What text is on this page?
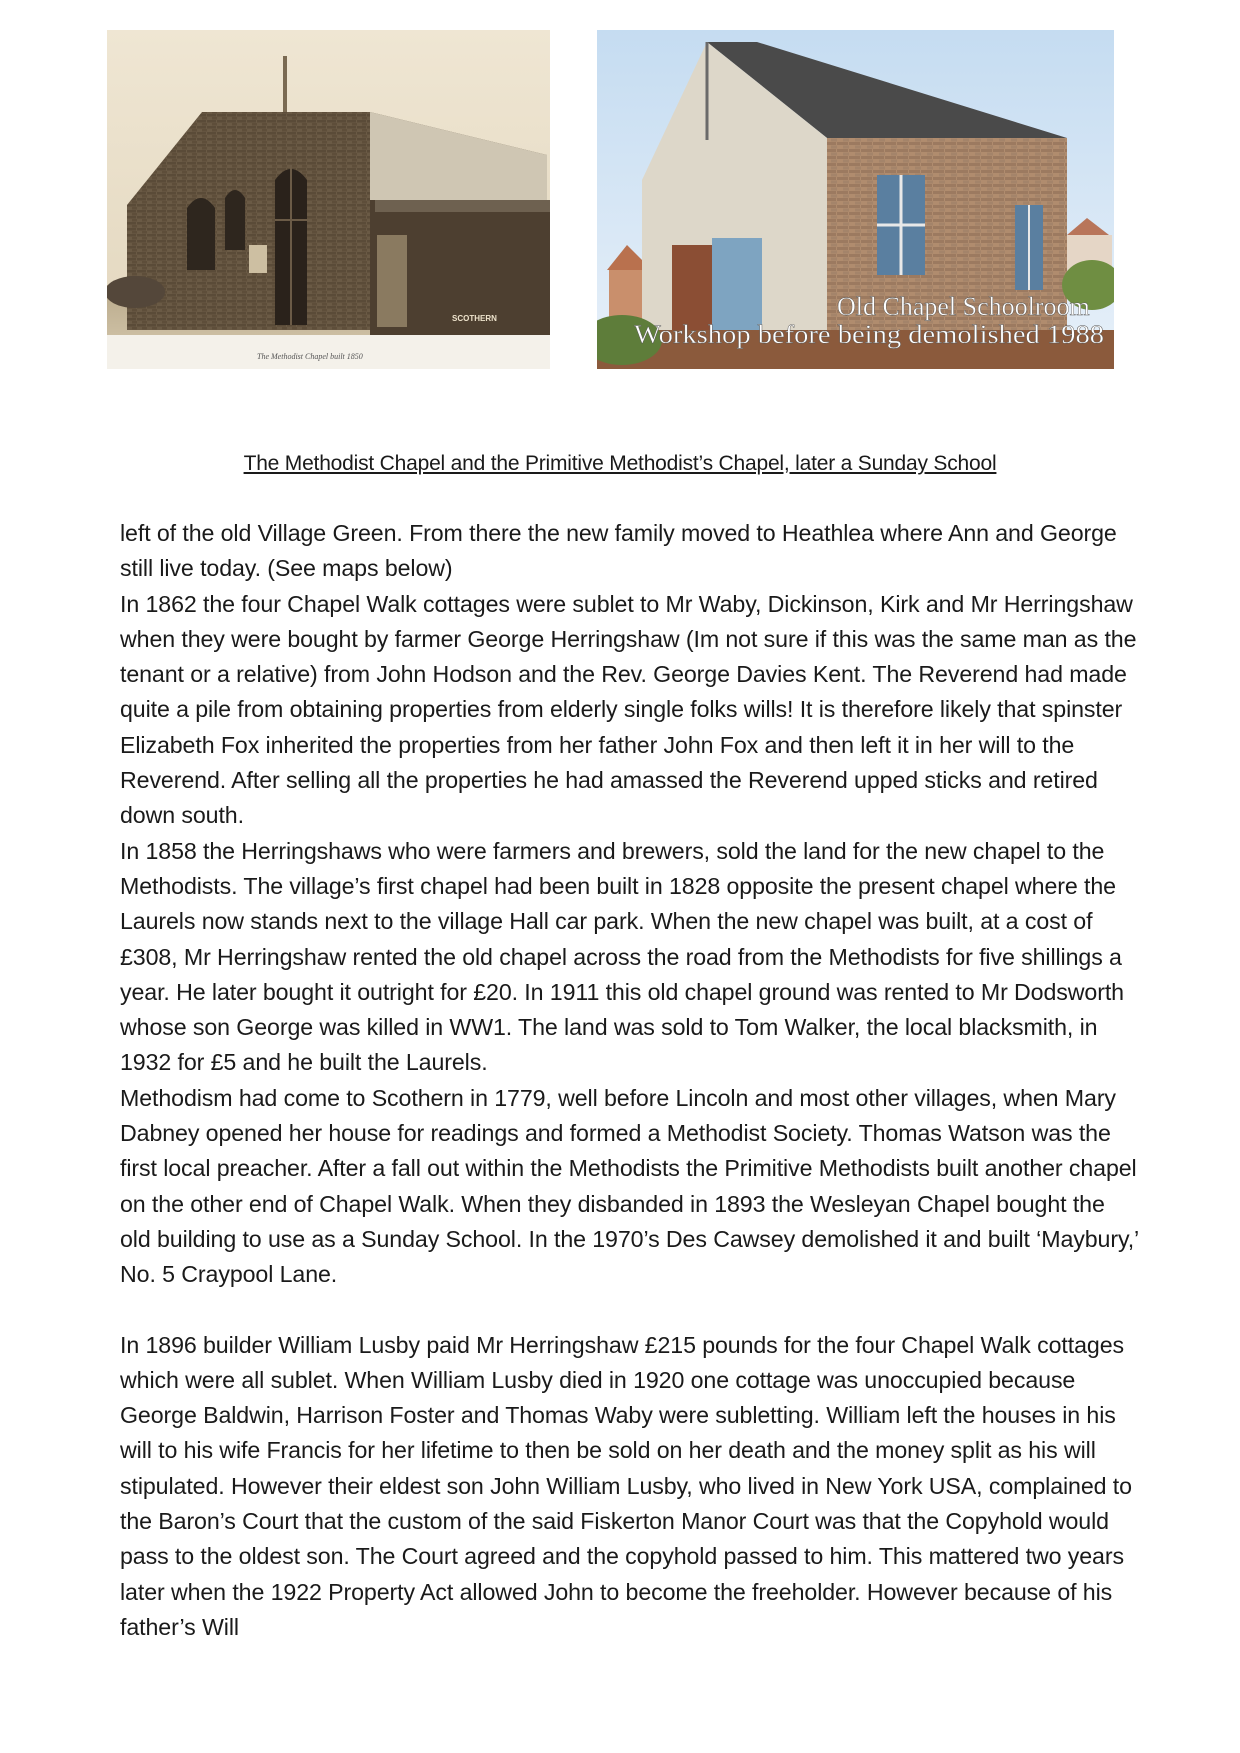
SCOTHERN
The Methodist Chapel built 1850
Old Chapel Schoolroom
Workshop before being demolished 1988
The Methodist Chapel and the Primitive Methodist’s Chapel, later a Sunday School

left of the old Village Green. From there the new family moved to Heathlea where Ann and George still live today. (See maps below)

In 1862 the four Chapel Walk cottages were sublet to Mr Waby, Dickinson, Kirk and Mr Herringshaw when they were bought by farmer George Herringshaw (Im not sure if this was the same man as the tenant or a relative) from John Hodson and the Rev. George Davies Kent. The Reverend had made quite a pile from obtaining properties from elderly single folks wills! It is therefore likely that spinster Elizabeth Fox inherited the properties from her father John Fox and then left it in her will to the Reverend. After selling all the properties he had amassed the Reverend upped sticks and retired down south.

In 1858 the Herringshaws who were farmers and brewers, sold the land for the new chapel to the Methodists. The village’s first chapel had been built in 1828 opposite the present chapel where the Laurels now stands next to the village Hall car park. When the new chapel was built, at a cost of £308, Mr Herringshaw rented the old chapel across the road from the Methodists for five shillings a year. He later bought it outright for £20. In 1911 this old chapel ground was rented to Mr Dodsworth whose son George was killed in WW1. The land was sold to Tom Walker, the local blacksmith, in 1932 for £5 and he built the Laurels.

Methodism had come to Scothern in 1779, well before Lincoln and most other villages, when Mary Dabney opened her house for readings and formed a Methodist Society. Thomas Watson was the first local preacher. After a fall out within the Methodists the Primitive Methodists built another chapel on the other end of Chapel Walk. When they disbanded in 1893 the Wesleyan Chapel bought the old building to use as a Sunday School. In the 1970’s Des Cawsey demolished it and built ‘Maybury,’ No. 5 Craypool Lane.

In 1896 builder William Lusby paid Mr Herringshaw £215 pounds for the four Chapel Walk cottages which were all sublet. When William Lusby died in 1920 one cottage was unoccupied because George Baldwin, Harrison Foster and Thomas Waby were subletting. William left the houses in his will to his wife Francis for her lifetime to then be sold on her death and the money split as his will stipulated. However their eldest son John William Lusby, who lived in New York USA, complained to the Baron’s Court that the custom of the said Fiskerton Manor Court was that the Copyhold would pass to the oldest son. The Court agreed and the copyhold passed to him. This mattered two years later when the 1922 Property Act allowed John to become the freeholder. However because of his father’s Will
